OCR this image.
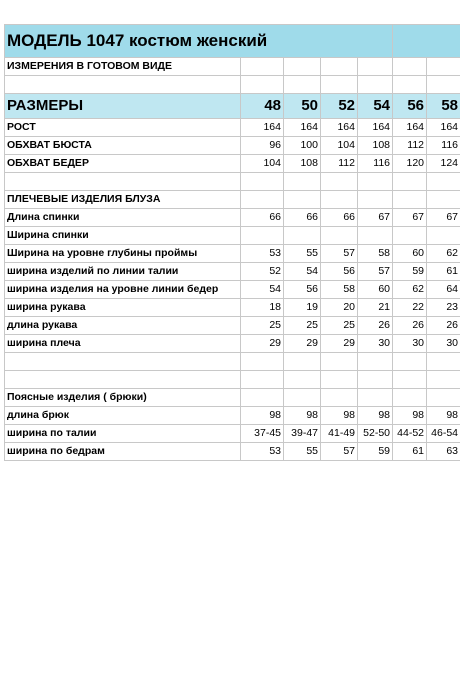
МОДЕЛЬ 1047 костюм женский						
ИЗМЕРЕНИЯ В ГОТОВОМ ВИДЕ						

РАЗМЕРЫ	48	50	52	54	56	58
РОСТ	164	164	164	164	164	164
ОБХВАТ БЮСТА	96	100	104	108	112	116
ОБХВАТ БЕДЕР	104	108	112	116	120	124

ПЛЕЧЕВЫЕ ИЗДЕЛИЯ БЛУЗА						
Длина спинки	66	66	66	67	67	67
Ширина спинки						
Ширина на уровне глубины проймы	53	55	57	58	60	62
ширина изделий по линии талии	52	54	56	57	59	61
ширина изделия на уровне линии бедер	54	56	58	60	62	64
ширина рукава	18	19	20	21	22	23
длина рукава	25	25	25	26	26	26
ширина плеча	29	29	29	30	30	30

Поясные изделия ( брюки)						
длина брюк	98	98	98	98	98	98
ширина по талии	37-45	39-47	41-49	52-50	44-52	46-54
ширина по бедрам	53	55	57	59	61	63
